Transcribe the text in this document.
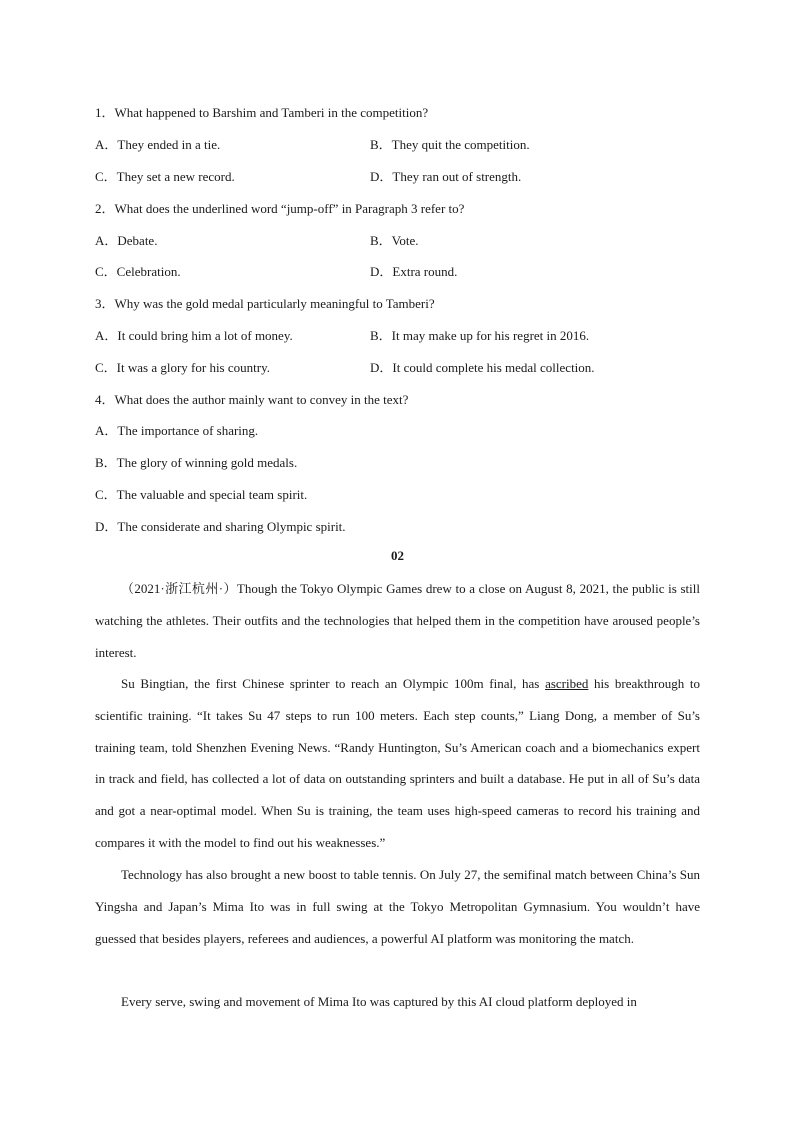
1．What happened to Barshim and Tamberi in the competition?
A．They ended in a tie.	B．They quit the competition.
C．They set a new record.	D．They ran out of strength.
2．What does the underlined word “jump-off” in Paragraph 3 refer to?
A．Debate.	B．Vote.
C．Celebration.	D．Extra round.
3．Why was the gold medal particularly meaningful to Tamberi?
A．It could bring him a lot of money.	B．It may make up for his regret in 2016.
C．It was a glory for his country.	D．It could complete his medal collection.
4．What does the author mainly want to convey in the text?
A．The importance of sharing.
B．The glory of winning gold medals.
C．The valuable and special team spirit.
D．The considerate and sharing Olympic spirit.
02
（2021·浙江杭州·）Though the Tokyo Olympic Games drew to a close on August 8, 2021, the public is still watching the athletes. Their outfits and the technologies that helped them in the competition have aroused people’s interest.
Su Bingtian, the first Chinese sprinter to reach an Olympic 100m final, has ascribed his breakthrough to scientific training. “It takes Su 47 steps to run 100 meters. Each step counts,” Liang Dong, a member of Su’s training team, told Shenzhen Evening News. “Randy Huntington, Su’s American coach and a biomechanics expert in track and field, has collected a lot of data on outstanding sprinters and built a database. He put in all of Su’s data and got a near-optimal model. When Su is training, the team uses high-speed cameras to record his training and compares it with the model to find out his weaknesses.”
Technology has also brought a new boost to table tennis. On July 27, the semifinal match between China’s Sun Yingsha and Japan’s Mima Ito was in full swing at the Tokyo Metropolitan Gymnasium. You wouldn’t have guessed that besides players, referees and audiences, a powerful AI platform was monitoring the match.
Every serve, swing and movement of Mima Ito was captured by this AI cloud platform deployed in
